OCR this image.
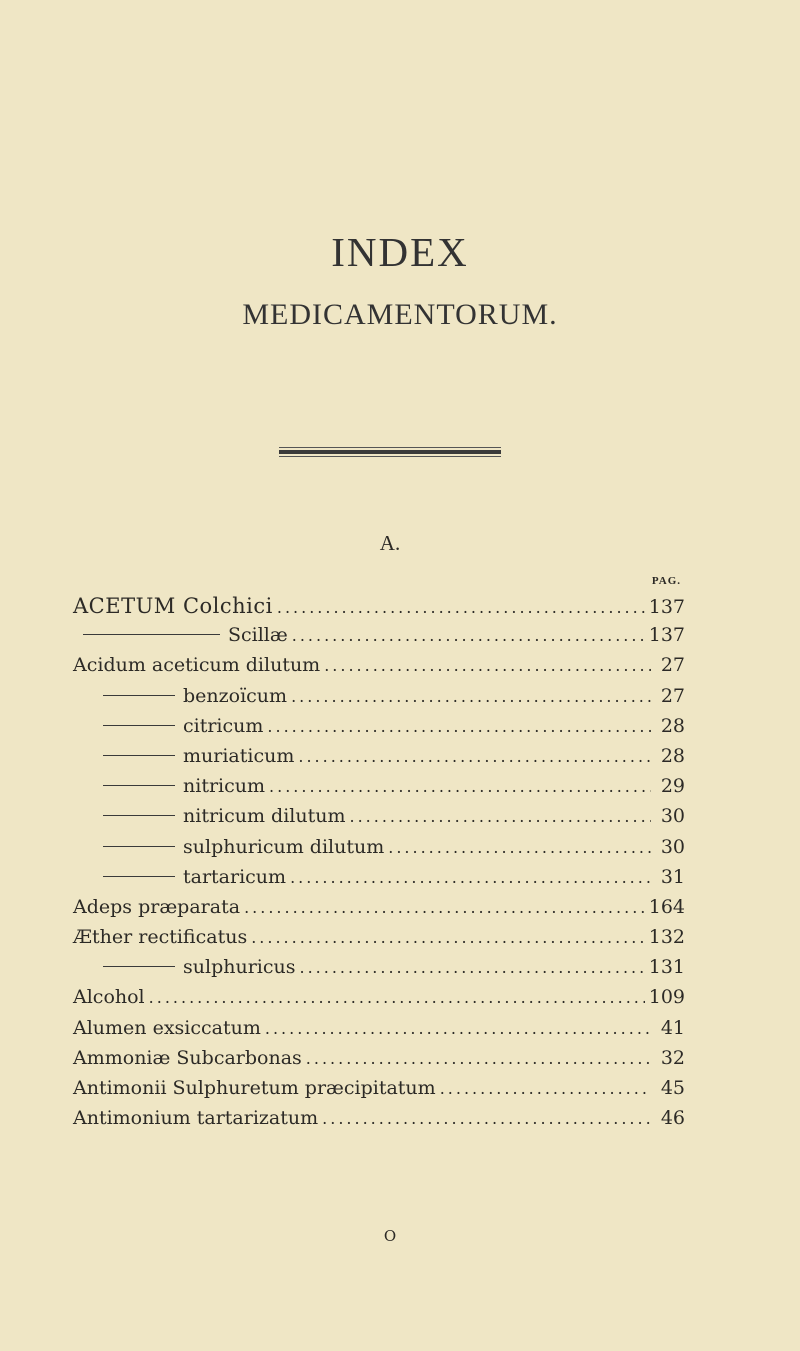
INDEX
MEDICAMENTORUM.
A.
PAG.
ACETUM Colchici .....	137
Scillæ .....	137
Acidum aceticum dilutum .....	27
benzoïcum .....	27
citricum .....	28
muriaticum .....	28
nitricum .....	29
nitricum dilutum .....	30
sulphuricum dilutum .....	30
tartaricum .....	31
Adeps præparata .....	164
Æther rectificatus .....	132
sulphuricus .....	131
Alcohol .....	109
Alumen exsiccatum .....	41
Ammoniæ Subcarbonas .....	32
Antimonii Sulphuretum præcipitatum .....	45
Antimonium tartarizatum .....	46
O
